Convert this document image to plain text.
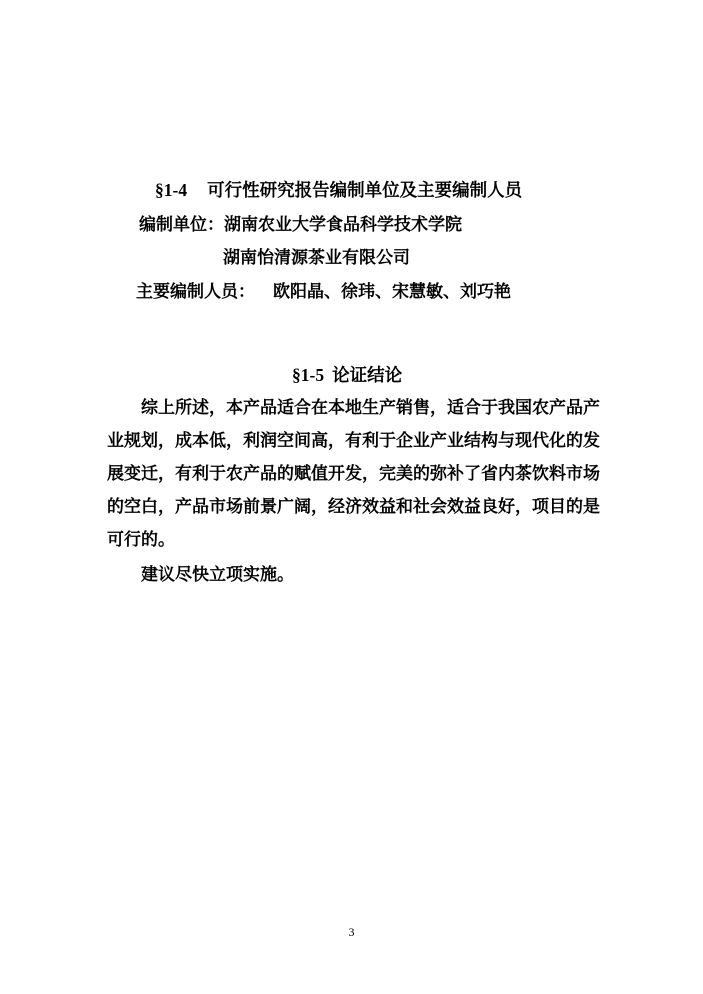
§1-4 可行性研究报告编制单位及主要编制人员
编制单位：湖南农业大学食品科学技术学院
湖南怡清源茶业有限公司
主要编制人员： 欧阳晶、徐玮、宋慧敏、刘巧艳
§1-5 论证结论
综上所述，本产品适合在本地生产销售，适合于我国农产品产
业规划，成本低，利润空间高，有利于企业产业结构与现代化的发
展变迁，有利于农产品的赋值开发，完美的弥补了省内茶饮料市场
的空白，产品市场前景广阔，经济效益和社会效益良好，项目的是
可行的。
建议尽快立项实施。
3
